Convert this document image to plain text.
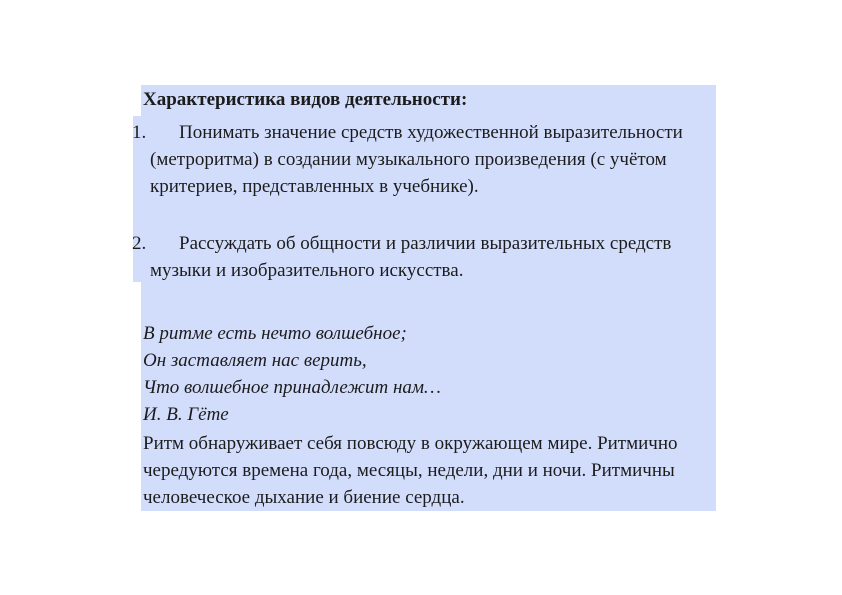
Характеристика видов деятельности:
1.	Понимать значение средств художественной выразительности (метроритма) в создании музыкального произведения (с учётом критериев, представленных в учебнике).
2.	Рассуждать об общности и различии выразительных средств музыки и изобразительного искусства.
В ритме есть нечто волшебное;
Он заставляет нас верить,
Что волшебное принадлежит нам…
И. В. Гёте
Ритм обнаруживает себя повсюду в окружающем мире. Ритмично чередуются времена года, месяцы, недели, дни и ночи. Ритмичны человеческое дыхание и биение сердца.
